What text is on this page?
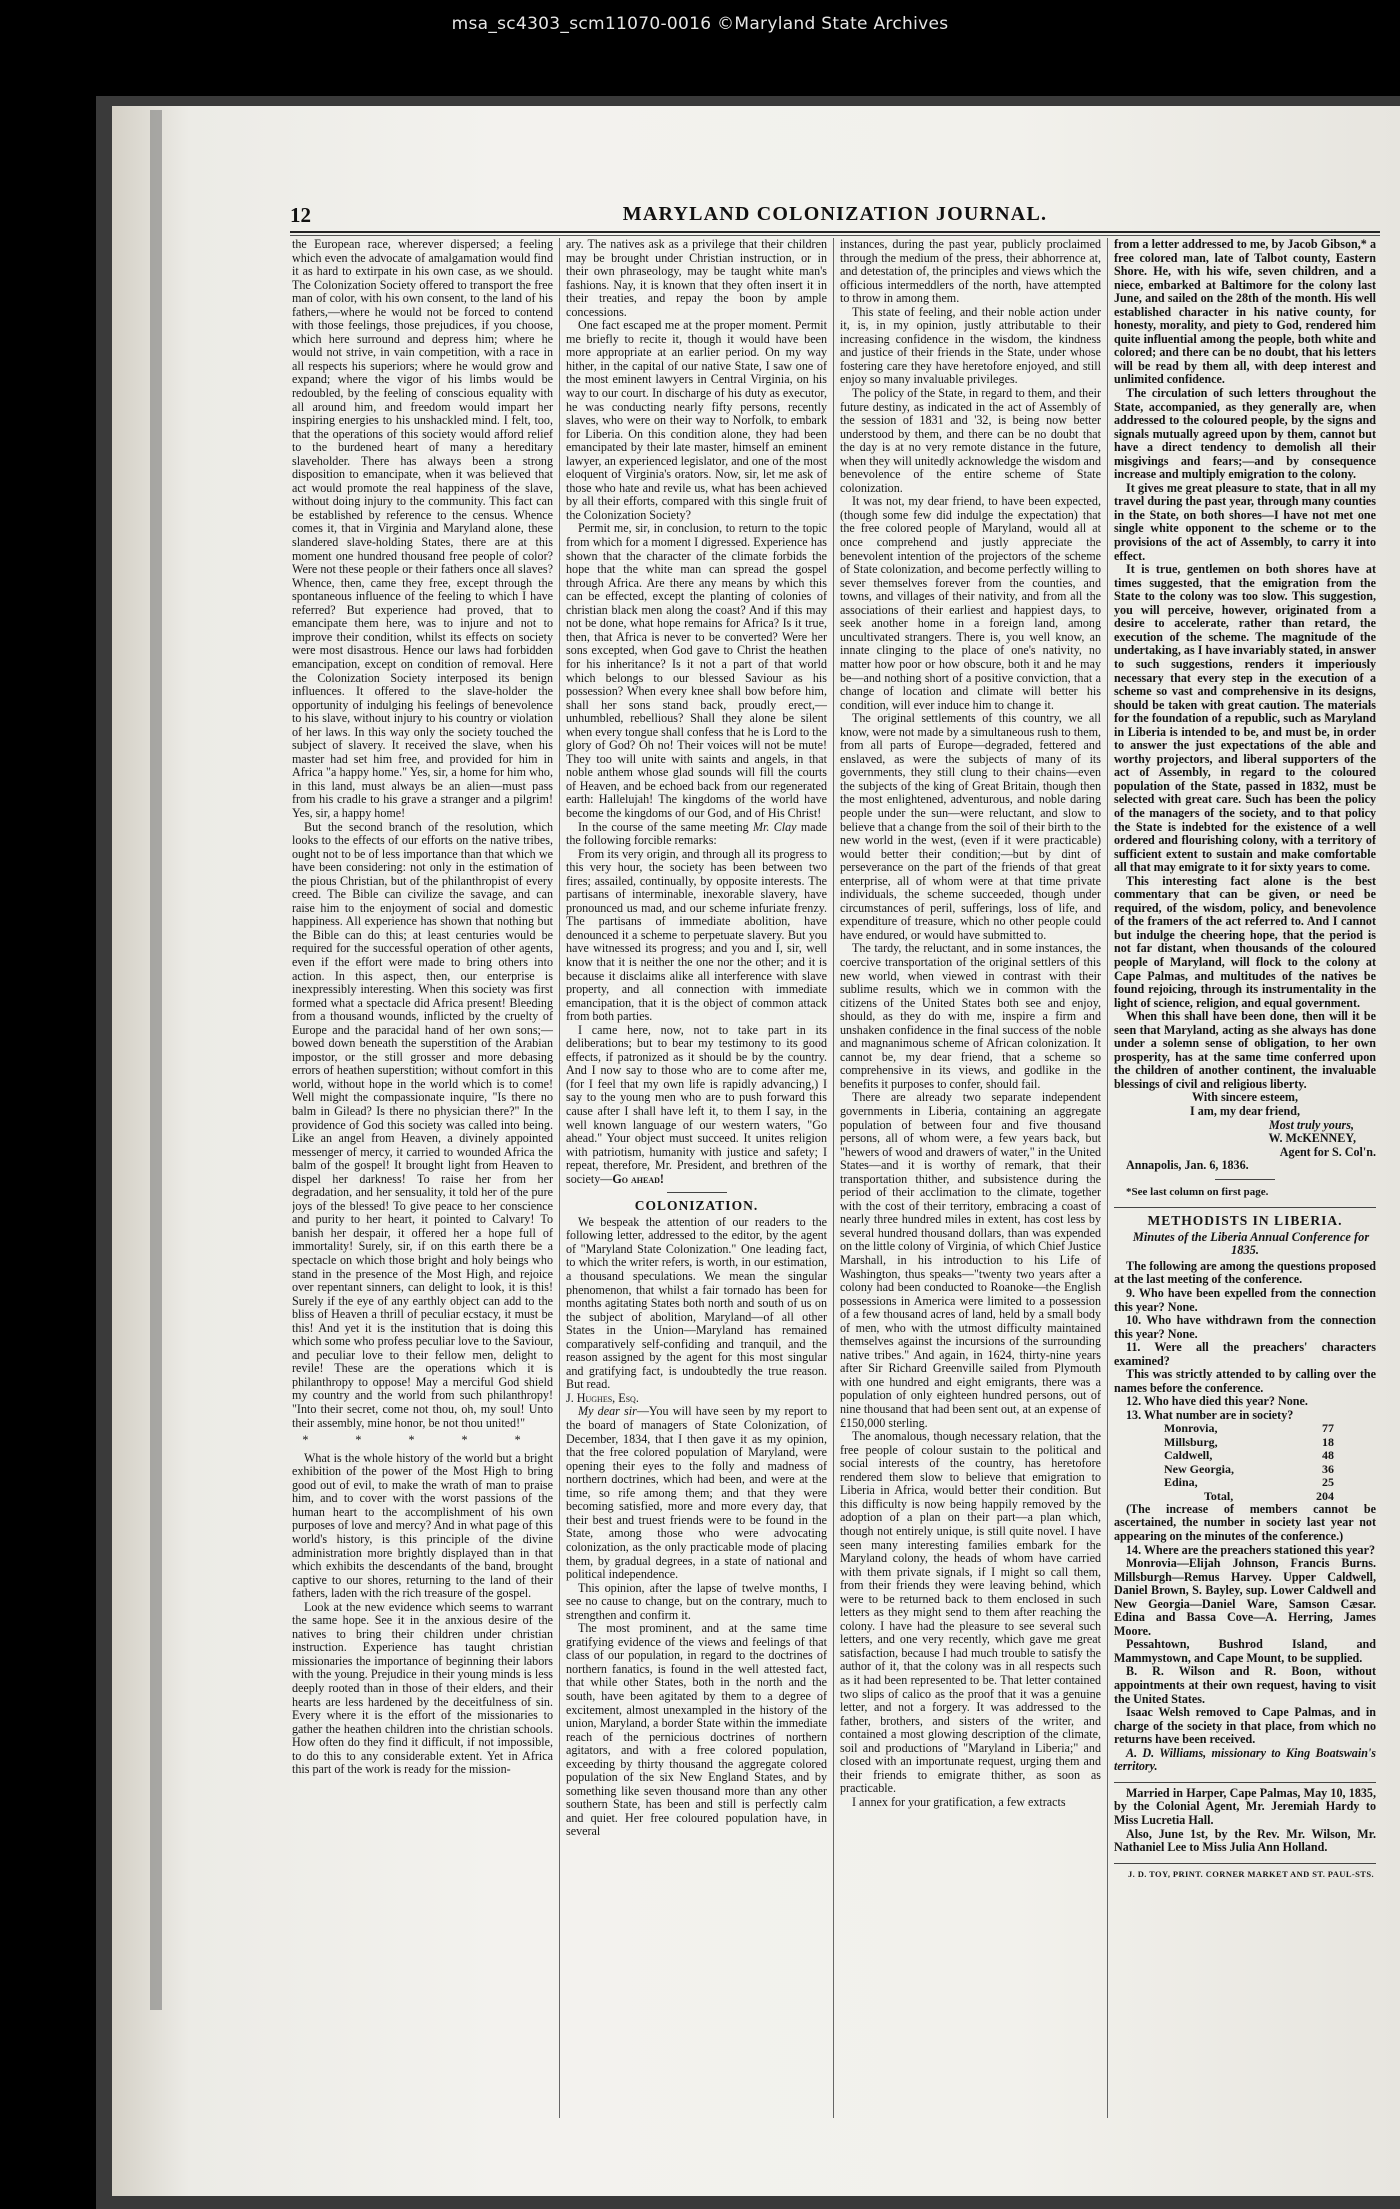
msa_sc4303_scm11070-0016 ©Maryland State Archives
12	MARYLAND COLONIZATION JOURNAL.

the European race, wherever dispersed; a feeling which even the advocate of amalgamation would find it as hard to extirpate in his own case, as we should. The Colonization Society offered to transport the free man of color, with his own consent, to the land of his fathers,—where he would not be forced to contend with those feelings, those prejudices, if you choose, which here surround and depress him; where he would not strive, in vain competition, with a race in all respects his superiors; where he would grow and expand; where the vigor of his limbs would be redoubled, by the feeling of conscious equality with all around him, and freedom would impart her inspiring energies to his unshackled mind. I felt, too, that the operations of this society would afford relief to the burdened heart of many a hereditary slaveholder. There has always been a strong disposition to emancipate, when it was believed that act would promote the real happiness of the slave, without doing injury to the community. This fact can be established by reference to the census. Whence comes it, that in Virginia and Maryland alone, these slandered slave-holding States, there are at this moment one hundred thousand free people of color? Were not these people or their fathers once all slaves? Whence, then, came they free, except through the spontaneous influence of the feeling to which I have referred? But experience had proved, that to emancipate them here, was to injure and not to improve their condition, whilst its effects on society were most disastrous. Hence our laws had forbidden emancipation, except on condition of removal. Here the Colonization Society interposed its benign influences. It offered to the slave-holder the opportunity of indulging his feelings of benevolence to his slave, without injury to his country or violation of her laws. In this way only the society touched the subject of slavery. It received the slave, when his master had set him free, and provided for him in Africa "a happy home." Yes, sir, a home for him who, in this land, must always be an alien—must pass from his cradle to his grave a stranger and a pilgrim! Yes, sir, a happy home!

But the second branch of the resolution, which looks to the effects of our efforts on the native tribes, ought not to be of less importance than that which we have been considering: not only in the estimation of the pious Christian, but of the philanthropist of every creed. The Bible can civilize the savage, and can raise him to the enjoyment of social and domestic happiness. All experience has shown that nothing but the Bible can do this; at least centuries would be required for the successful operation of other agents, even if the effort were made to bring others into action. In this aspect, then, our enterprise is inexpressibly interesting. When this society was first formed what a spectacle did Africa present! Bleeding from a thousand wounds, inflicted by the cruelty of Europe and the paracidal hand of her own sons;—bowed down beneath the superstition of the Arabian impostor, or the still grosser and more debasing errors of heathen superstition; without comfort in this world, without hope in the world which is to come! Well might the compassionate inquire, "Is there no balm in Gilead? Is there no physician there?" In the providence of God this society was called into being. Like an angel from Heaven, a divinely appointed messenger of mercy, it carried to wounded Africa the balm of the gospel! It brought light from Heaven to dispel her darkness! To raise her from her degradation, and her sensuality, it told her of the pure joys of the blessed! To give peace to her conscience and purity to her heart, it pointed to Calvary! To banish her despair, it offered her a hope full of immortality! Surely, sir, if on this earth there be a spectacle on which those bright and holy beings who stand in the presence of the Most High, and rejoice over repentant sinners, can delight to look, it is this! Surely if the eye of any earthly object can add to the bliss of Heaven a thrill of peculiar ecstacy, it must be this! And yet it is the institution that is doing this which some who profess peculiar love to the Saviour, and peculiar love to their fellow men, delight to revile! These are the operations which it is philanthropy to oppose! May a merciful God shield my country and the world from such philanthropy! "Into their secret, come not thou, oh, my soul! Unto their assembly, mine honor, be not thou united!"

* * * * *

What is the whole history of the world but a bright exhibition of the power of the Most High to bring good out of evil, to make the wrath of man to praise him, and to cover with the worst passions of the human heart to the accomplishment of his own purposes of love and mercy? And in what page of this world's history, is this principle of the divine administration more brightly displayed than in that which exhibits the descendants of the band, brought captive to our shores, returning to the land of their fathers, laden with the rich treasure of the gospel.

Look at the new evidence which seems to warrant the same hope. See it in the anxious desire of the natives to bring their children under christian instruction. Experience has taught christian missionaries the importance of beginning their labors with the young. Prejudice in their young minds is less deeply rooted than in those of their elders, and their hearts are less hardened by the deceitfulness of sin. Every where it is the effort of the missionaries to gather the heathen children into the christian schools. How often do they find it difficult, if not impossible, to do this to any considerable extent. Yet in Africa this part of the work is ready for the mission-

ary. The natives ask as a privilege that their children may be brought under Christian instruction, or in their own phraseology, may be taught white man's fashions. Nay, it is known that they often insert it in their treaties, and repay the boon by ample concessions.

One fact escaped me at the proper moment. Permit me briefly to recite it, though it would have been more appropriate at an earlier period. On my way hither, in the capital of our native State, I saw one of the most eminent lawyers in Central Virginia, on his way to our court. In discharge of his duty as executor, he was conducting nearly fifty persons, recently slaves, who were on their way to Norfolk, to embark for Liberia. On this condition alone, they had been emancipated by their late master, himself an eminent lawyer, an experienced legislator, and one of the most eloquent of Virginia's orators. Now, sir, let me ask of those who hate and revile us, what has been achieved by all their efforts, compared with this single fruit of the Colonization Society?

Permit me, sir, in conclusion, to return to the topic from which for a moment I digressed. Experience has shown that the character of the climate forbids the hope that the white man can spread the gospel through Africa. Are there any means by which this can be effected, except the planting of colonies of christian black men along the coast? And if this may not be done, what hope remains for Africa? Is it true, then, that Africa is never to be converted? Were her sons excepted, when God gave to Christ the heathen for his inheritance? Is it not a part of that world which belongs to our blessed Saviour as his possession? When every knee shall bow before him, shall her sons stand back, proudly erect,—unhumbled, rebellious? Shall they alone be silent when every tongue shall confess that he is Lord to the glory of God? Oh no! Their voices will not be mute! They too will unite with saints and angels, in that noble anthem whose glad sounds will fill the courts of Heaven, and be echoed back from our regenerated earth: Hallelujah! The kingdoms of the world have become the kingdoms of our God, and of His Christ!

In the course of the same meeting Mr. Clay made the following forcible remarks:

From its very origin, and through all its progress to this very hour, the society has been between two fires; assailed, continually, by opposite interests. The partisans of interminable, inexorable slavery, have pronounced us mad, and our scheme infuriate frenzy. The partisans of immediate abolition, have denounced it a scheme to perpetuate slavery. But you have witnessed its progress; and you and I, sir, well know that it is neither the one nor the other; and it is because it disclaims alike all interference with slave property, and all connection with immediate emancipation, that it is the object of common attack from both parties.

I came here, now, not to take part in its deliberations; but to bear my testimony to its good effects, if patronized as it should be by the country. And I now say to those who are to come after me, (for I feel that my own life is rapidly advancing,) I say to the young men who are to push forward this cause after I shall have left it, to them I say, in the well known language of our western waters, "Go ahead." Your object must succeed. It unites religion with patriotism, humanity with justice and safety; I repeat, therefore, Mr. President, and brethren of the society—Go ahead!

COLONIZATION.

We bespeak the attention of our readers to the following letter, addressed to the editor, by the agent of "Maryland State Colonization." One leading fact, to which the writer refers, is worth, in our estimation, a thousand speculations. We mean the singular phenomenon, that whilst a fair tornado has been for months agitating States both north and south of us on the subject of abolition, Maryland—of all other States in the Union—Maryland has remained comparatively self-confiding and tranquil, and the reason assigned by the agent for this most singular and gratifying fact, is undoubtedly the true reason. But read.

J. Hughes, Esq.

My dear sir—You will have seen by my report to the board of managers of State Colonization, of December, 1834, that I then gave it as my opinion, that the free colored population of Maryland, were opening their eyes to the folly and madness of northern doctrines, which had been, and were at the time, so rife among them; and that they were becoming satisfied, more and more every day, that their best and truest friends were to be found in the State, among those who were advocating colonization, as the only practicable mode of placing them, by gradual degrees, in a state of national and political independence.

This opinion, after the lapse of twelve months, I see no cause to change, but on the contrary, much to strengthen and confirm it.

The most prominent, and at the same time gratifying evidence of the views and feelings of that class of our population, in regard to the doctrines of northern fanatics, is found in the well attested fact, that while other States, both in the north and the south, have been agitated by them to a degree of excitement, almost unexampled in the history of the union, Maryland, a border State within the immediate reach of the pernicious doctrines of northern agitators, and with a free colored population, exceeding by thirty thousand the aggregate colored population of the six New England States, and by something like seven thousand more than any other southern State, has been and still is perfectly calm and quiet. Her free coloured population have, in several

instances, during the past year, publicly proclaimed through the medium of the press, their abhorrence at, and detestation of, the principles and views which the officious intermeddlers of the north, have attempted to throw in among them.

This state of feeling, and their noble action under it, is, in my opinion, justly attributable to their increasing confidence in the wisdom, the kindness and justice of their friends in the State, under whose fostering care they have heretofore enjoyed, and still enjoy so many invaluable privileges.

The policy of the State, in regard to them, and their future destiny, as indicated in the act of Assembly of the session of 1831 and '32, is being now better understood by them, and there can be no doubt that the day is at no very remote distance in the future, when they will unitedly acknowledge the wisdom and benevolence of the entire scheme of State colonization.

It was not, my dear friend, to have been expected, (though some few did indulge the expectation) that the free colored people of Maryland, would all at once comprehend and justly appreciate the benevolent intention of the projectors of the scheme of State colonization, and become perfectly willing to sever themselves forever from the counties, and towns, and villages of their nativity, and from all the associations of their earliest and happiest days, to seek another home in a foreign land, among uncultivated strangers. There is, you well know, an innate clinging to the place of one's nativity, no matter how poor or how obscure, both it and he may be—and nothing short of a positive conviction, that a change of location and climate will better his condition, will ever induce him to change it.

The original settlements of this country, we all know, were not made by a simultaneous rush to them, from all parts of Europe—degraded, fettered and enslaved, as were the subjects of many of its governments, they still clung to their chains—even the subjects of the king of Great Britain, though then the most enlightened, adventurous, and noble daring people under the sun—were reluctant, and slow to believe that a change from the soil of their birth to the new world in the west, (even if it were practicable) would better their condition;—but by dint of perseverance on the part of the friends of that great enterprise, all of whom were at that time private individuals, the scheme succeeded, though under circumstances of peril, sufferings, loss of life, and expenditure of treasure, which no other people could have endured, or would have submitted to.

The tardy, the reluctant, and in some instances, the coercive transportation of the original settlers of this new world, when viewed in contrast with their sublime results, which we in common with the citizens of the United States both see and enjoy, should, as they do with me, inspire a firm and unshaken confidence in the final success of the noble and magnanimous scheme of African colonization. It cannot be, my dear friend, that a scheme so comprehensive in its views, and godlike in the benefits it purposes to confer, should fail.

There are already two separate independent governments in Liberia, containing an aggregate population of between four and five thousand persons, all of whom were, a few years back, but "hewers of wood and drawers of water," in the United States—and it is worthy of remark, that their transportation thither, and subsistence during the period of their acclimation to the climate, together with the cost of their territory, embracing a coast of nearly three hundred miles in extent, has cost less by several hundred thousand dollars, than was expended on the little colony of Virginia, of which Chief Justice Marshall, in his introduction to his Life of Washington, thus speaks—"twenty two years after a colony had been conducted to Roanoke—the English possessions in America were limited to a possession of a few thousand acres of land, held by a small body of men, who with the utmost difficulty maintained themselves against the incursions of the surrounding native tribes." And again, in 1624, thirty-nine years after Sir Richard Greenville sailed from Plymouth with one hundred and eight emigrants, there was a population of only eighteen hundred persons, out of nine thousand that had been sent out, at an expense of £150,000 sterling.

The anomalous, though necessary relation, that the free people of colour sustain to the political and social interests of the country, has heretofore rendered them slow to believe that emigration to Liberia in Africa, would better their condition. But this difficulty is now being happily removed by the adoption of a plan on their part—a plan which, though not entirely unique, is still quite novel. I have seen many interesting families embark for the Maryland colony, the heads of whom have carried with them private signals, if I might so call them, from their friends they were leaving behind, which were to be returned back to them enclosed in such letters as they might send to them after reaching the colony. I have had the pleasure to see several such letters, and one very recently, which gave me great satisfaction, because I had much trouble to satisfy the author of it, that the colony was in all respects such as it had been represented to be. That letter contained two slips of calico as the proof that it was a genuine letter, and not a forgery. It was addressed to the father, brothers, and sisters of the writer, and contained a most glowing description of the climate, soil and productions of "Maryland in Liberia;" and closed with an importunate request, urging them and their friends to emigrate thither, as soon as practicable.

I annex for your gratification, a few extracts

from a letter addressed to me, by Jacob Gibson,* a free colored man, late of Talbot county, Eastern Shore. He, with his wife, seven children, and a niece, embarked at Baltimore for the colony last June, and sailed on the 28th of the month. His well established character in his native county, for honesty, morality, and piety to God, rendered him quite influential among the people, both white and colored; and there can be no doubt, that his letters will be read by them all, with deep interest and unlimited confidence.

The circulation of such letters throughout the State, accompanied, as they generally are, when addressed to the coloured people, by the signs and signals mutually agreed upon by them, cannot but have a direct tendency to demolish all their misgivings and fears;—and by consequence increase and multiply emigration to the colony.

It gives me great pleasure to state, that in all my travel during the past year, through many counties in the State, on both shores—I have not met one single white opponent to the scheme or to the provisions of the act of Assembly, to carry it into effect.

It is true, gentlemen on both shores have at times suggested, that the emigration from the State to the colony was too slow. This suggestion, you will perceive, however, originated from a desire to accelerate, rather than retard, the execution of the scheme. The magnitude of the undertaking, as I have invariably stated, in answer to such suggestions, renders it imperiously necessary that every step in the execution of a scheme so vast and comprehensive in its designs, should be taken with great caution. The materials for the foundation of a republic, such as Maryland in Liberia is intended to be, and must be, in order to answer the just expectations of the able and worthy projectors, and liberal supporters of the act of Assembly, in regard to the coloured population of the State, passed in 1832, must be selected with great care. Such has been the policy of the managers of the society, and to that policy the State is indebted for the existence of a well ordered and flourishing colony, with a territory of sufficient extent to sustain and make comfortable all that may emigrate to it for sixty years to come.

This interesting fact alone is the best commentary that can be given, or need be required, of the wisdom, policy, and benevolence of the framers of the act referred to. And I cannot but indulge the cheering hope, that the period is not far distant, when thousands of the coloured people of Maryland, will flock to the colony at Cape Palmas, and multitudes of the natives be found rejoicing, through its instrumentality in the light of science, religion, and equal government.

When this shall have been done, then will it be seen that Maryland, acting as she always has done under a solemn sense of obligation, to her own prosperity, has at the same time conferred upon the children of another continent, the invaluable blessings of civil and religious liberty.

With sincere esteem,

I am, my dear friend,

Most truly yours,

W. McKENNEY,

Agent for S. Col'n.

Annapolis, Jan. 6, 1836.

*See last column on first page.

METHODISTS IN LIBERIA.

Minutes of the Liberia Annual Conference for 1835.

The following are among the questions proposed at the last meeting of the conference.

9. Who have been expelled from the connection this year? None.

10. Who have withdrawn from the connection this year? None.

11. Were all the preachers' characters examined?

This was strictly attended to by calling over the names before the conference.

12. Who have died this year? None.

13. What number are in society?

Monrovia,	77
Millsburg,	18
Caldwell,	48
New Georgia,	36
Edina,	25
Total,	204

(The increase of members cannot be ascertained, the number in society last year not appearing on the minutes of the conference.)

14. Where are the preachers stationed this year?

Monrovia—Elijah Johnson, Francis Burns. Millsburgh—Remus Harvey. Upper Caldwell, Daniel Brown, S. Bayley, sup. Lower Caldwell and New Georgia—Daniel Ware, Samson Cæsar. Edina and Bassa Cove—A. Herring, James Moore.

Pessahtown, Bushrod Island, and Mammystown, and Cape Mount, to be supplied.

B. R. Wilson and R. Boon, without appointments at their own request, having to visit the United States.

Isaac Welsh removed to Cape Palmas, and in charge of the society in that place, from which no returns have been received.

A. D. Williams, missionary to King Boatswain's territory.

Married in Harper, Cape Palmas, May 10, 1835, by the Colonial Agent, Mr. Jeremiah Hardy to Miss Lucretia Hall.

Also, June 1st, by the Rev. Mr. Wilson, Mr. Nathaniel Lee to Miss Julia Ann Holland.

J. D. TOY, PRINT. CORNER MARKET AND ST. PAUL-STS.
